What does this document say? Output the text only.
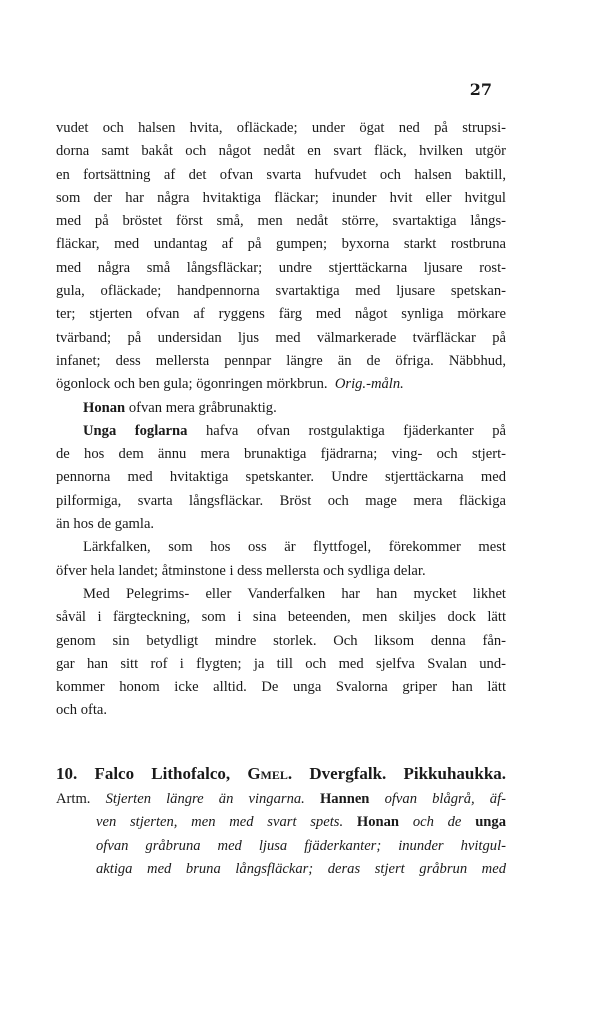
27
vudet och halsen hvita, ofläckade; under ögat ned på strupsi-
dorna samt bakåt och något nedåt en svart fläck, hvilken utgör
en fortsättning af det ofvan svarta hufvudet och halsen baktill,
som der har några hvitaktiga fläckar; inunder hvit eller hvitgul
med på bröstet först små, men nedåt större, svartaktiga långs-
fläckar, med undantag af på gumpen; byxorna starkt rostbruna
med några små långsfläckar; undre stjerttäckarna ljusare rost-
gula, ofläckade; handpennorna svartaktiga med ljusare spetskan-
ter; stjerten ofvan af ryggens färg med något synliga mörkare
tvärband; på undersidan ljus med välmarkerade tvärfläckar på
infanet; dess mellersta pennpar längre än de öfriga. Näbbhud,
ögonlock och ben gula; ögonringen mörkbrun. Orig.-måln.
Honan ofvan mera gråbrunaktig.
Unga foglarna hafva ofvan rostgulaktiga fjäderkanter på
de hos dem ännu mera brunaktiga fjädrarna; ving- och stjert-
pennorna med hvitaktiga spetskanter. Undre stjerttäckarna med
pilformiga, svarta långsfläckar. Bröst och mage mera fläckiga
än hos de gamla.
Lärkfalken, som hos oss är flyttfogel, förekommer mest
öfver hela landet; åtminstone i dess mellersta och sydliga delar.
Med Pelegrims- eller Vanderfalken har han mycket likhet
såväl i färgteckning, som i sina beteenden, men skiljes dock lätt
genom sin betydligt mindre storlek. Och liksom denna fån-
gar han sitt rof i flygten; ja till och med sjelfva Svalan und-
kommer honom icke alltid. De unga Svalorna griper han lätt
och ofta.
10. Falco Lithofalco, Gmel. Dvergfalk. Pikkuhaukka.
Artm. Stjerten längre än vingarna. Hannen ofvan blågrå, äf-
ven stjerten, men med svart spets. Honan och de unga
ofvan gråbruna med ljusa fjäderkanter; inunder hvitgul-
aktiga med bruna långsfläckar; deras stjert gråbrun med
